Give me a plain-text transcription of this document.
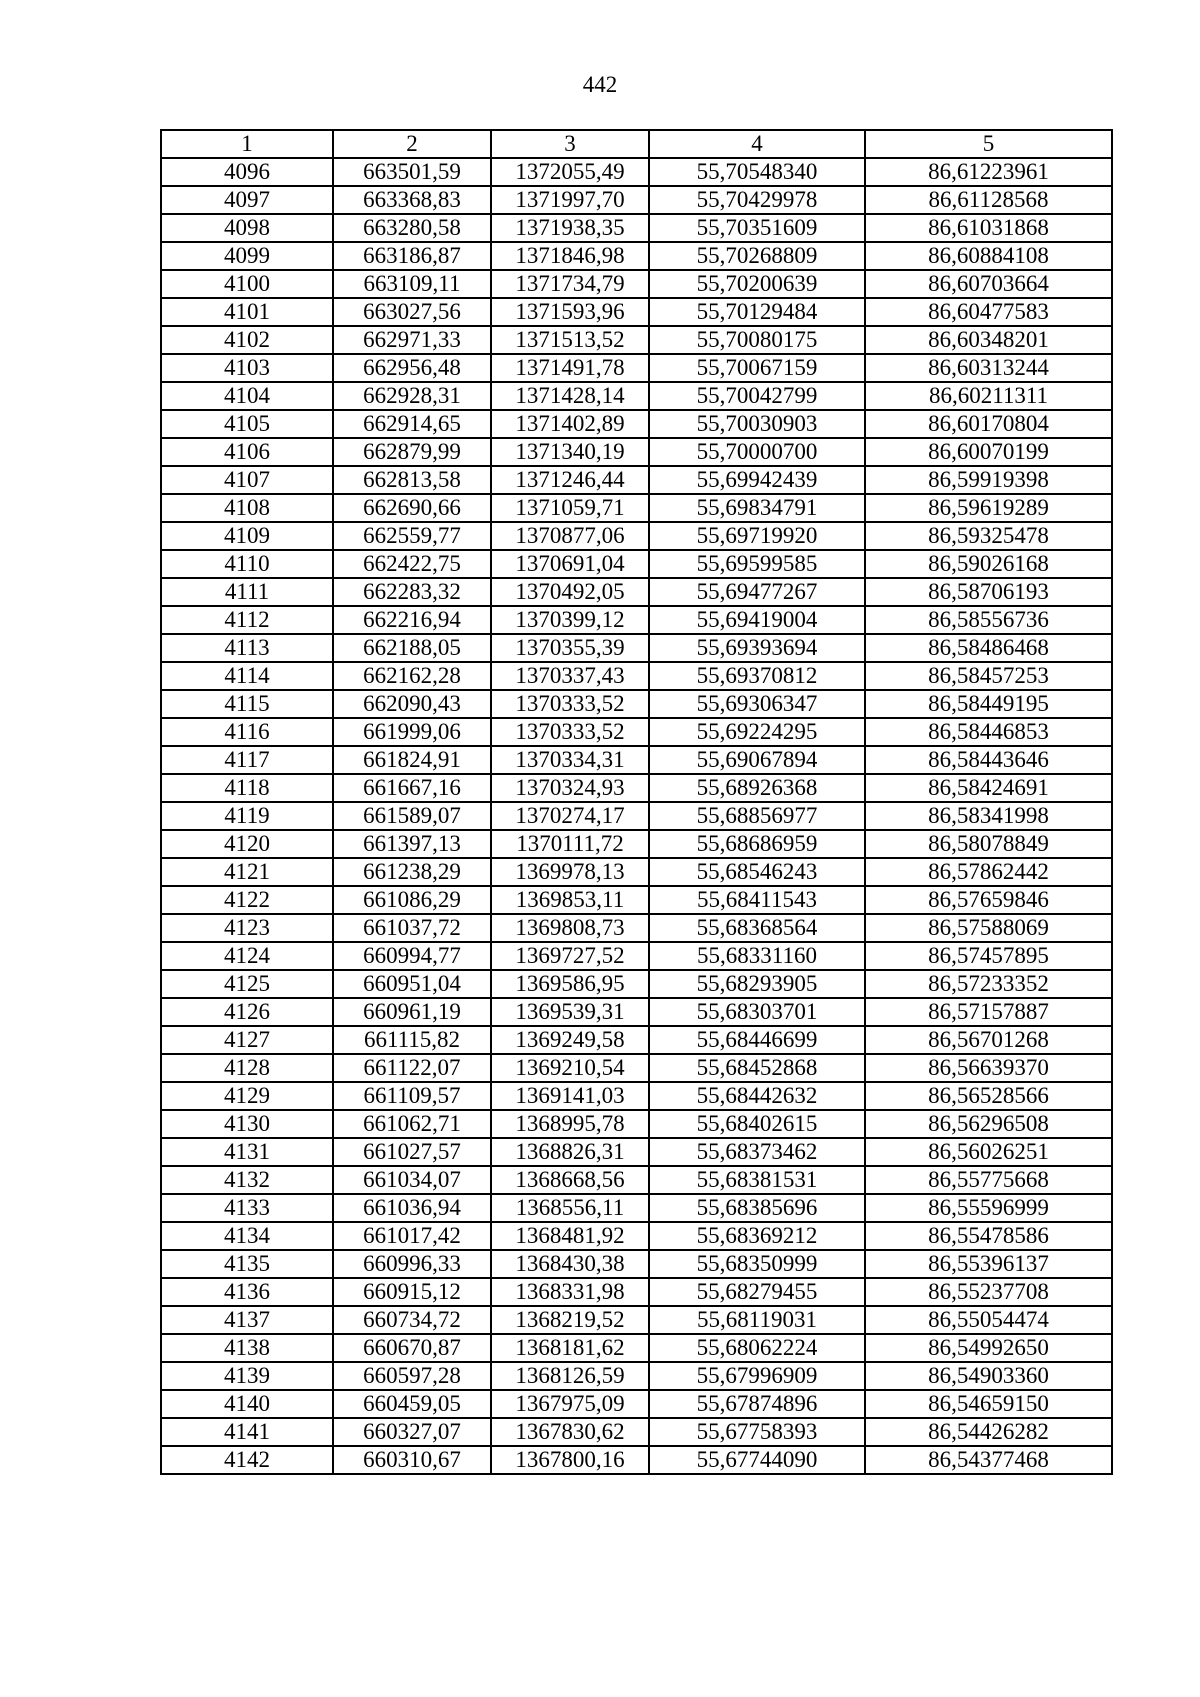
442
1	2	3	4	5
4096	663501,59	1372055,49	55,70548340	86,61223961
4097	663368,83	1371997,70	55,70429978	86,61128568
4098	663280,58	1371938,35	55,70351609	86,61031868
4099	663186,87	1371846,98	55,70268809	86,60884108
4100	663109,11	1371734,79	55,70200639	86,60703664
4101	663027,56	1371593,96	55,70129484	86,60477583
4102	662971,33	1371513,52	55,70080175	86,60348201
4103	662956,48	1371491,78	55,70067159	86,60313244
4104	662928,31	1371428,14	55,70042799	86,60211311
4105	662914,65	1371402,89	55,70030903	86,60170804
4106	662879,99	1371340,19	55,70000700	86,60070199
4107	662813,58	1371246,44	55,69942439	86,59919398
4108	662690,66	1371059,71	55,69834791	86,59619289
4109	662559,77	1370877,06	55,69719920	86,59325478
4110	662422,75	1370691,04	55,69599585	86,59026168
4111	662283,32	1370492,05	55,69477267	86,58706193
4112	662216,94	1370399,12	55,69419004	86,58556736
4113	662188,05	1370355,39	55,69393694	86,58486468
4114	662162,28	1370337,43	55,69370812	86,58457253
4115	662090,43	1370333,52	55,69306347	86,58449195
4116	661999,06	1370333,52	55,69224295	86,58446853
4117	661824,91	1370334,31	55,69067894	86,58443646
4118	661667,16	1370324,93	55,68926368	86,58424691
4119	661589,07	1370274,17	55,68856977	86,58341998
4120	661397,13	1370111,72	55,68686959	86,58078849
4121	661238,29	1369978,13	55,68546243	86,57862442
4122	661086,29	1369853,11	55,68411543	86,57659846
4123	661037,72	1369808,73	55,68368564	86,57588069
4124	660994,77	1369727,52	55,68331160	86,57457895
4125	660951,04	1369586,95	55,68293905	86,57233352
4126	660961,19	1369539,31	55,68303701	86,57157887
4127	661115,82	1369249,58	55,68446699	86,56701268
4128	661122,07	1369210,54	55,68452868	86,56639370
4129	661109,57	1369141,03	55,68442632	86,56528566
4130	661062,71	1368995,78	55,68402615	86,56296508
4131	661027,57	1368826,31	55,68373462	86,56026251
4132	661034,07	1368668,56	55,68381531	86,55775668
4133	661036,94	1368556,11	55,68385696	86,55596999
4134	661017,42	1368481,92	55,68369212	86,55478586
4135	660996,33	1368430,38	55,68350999	86,55396137
4136	660915,12	1368331,98	55,68279455	86,55237708
4137	660734,72	1368219,52	55,68119031	86,55054474
4138	660670,87	1368181,62	55,68062224	86,54992650
4139	660597,28	1368126,59	55,67996909	86,54903360
4140	660459,05	1367975,09	55,67874896	86,54659150
4141	660327,07	1367830,62	55,67758393	86,54426282
4142	660310,67	1367800,16	55,67744090	86,54377468
